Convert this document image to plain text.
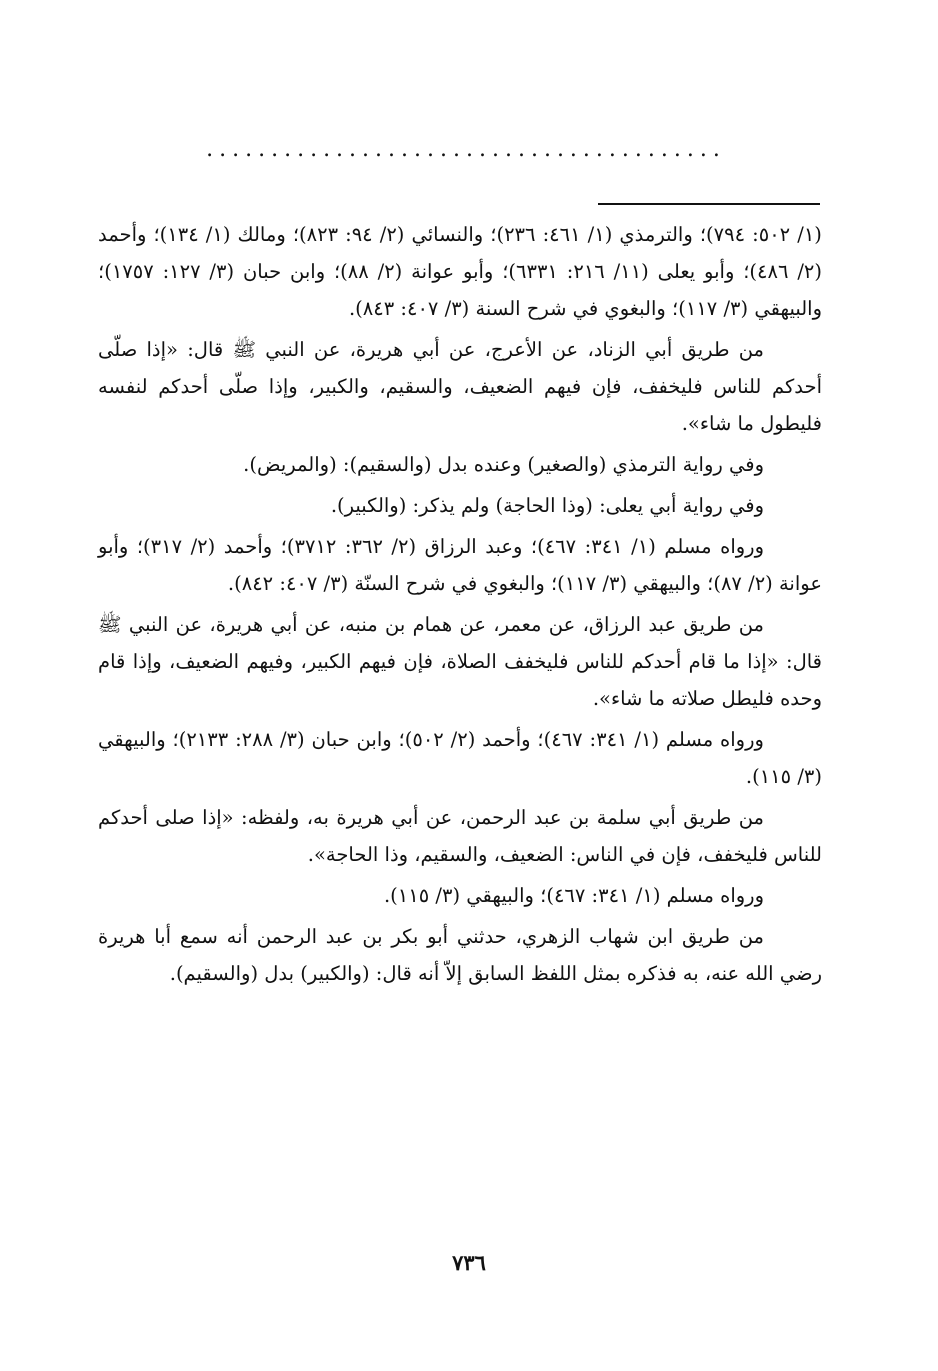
........................................

(١/ ٥٠٢: ٧٩٤)؛ والترمذي (١/ ٤٦١: ٢٣٦)؛ والنسائي (٢/ ٩٤: ٨٢٣)؛ ومالك (١/ ١٣٤)؛ وأحمد (٢/ ٤٨٦)؛ وأبو يعلى (١١/ ٢١٦: ٦٣٣١)؛ وأبو عوانة (٢/ ٨٨)؛ وابن حبان (٣/ ١٢٧: ١٧٥٧)؛ والبيهقي (٣/ ١١٧)؛ والبغوي في شرح السنة (٣/ ٤٠٧: ٨٤٣).

من طريق أبي الزناد، عن الأعرج، عن أبي هريرة، عن النبي ﷺ قال: «إذا صلّى أحدكم للناس فليخفف، فإن فيهم الضعيف، والسقيم، والكبير، وإذا صلّى أحدكم لنفسه فليطول ما شاء».

وفي رواية الترمذي (والصغير) وعنده بدل (والسقيم): (والمريض).

وفي رواية أبي يعلى: (وذا الحاجة) ولم يذكر: (والكبير).

ورواه مسلم (١/ ٣٤١: ٤٦٧)؛ وعبد الرزاق (٢/ ٣٦٢: ٣٧١٢)؛ وأحمد (٢/ ٣١٧)؛ وأبو عوانة (٢/ ٨٧)؛ والبيهقي (٣/ ١١٧)؛ والبغوي في شرح السنّة (٣/ ٤٠٧: ٨٤٢).

من طريق عبد الرزاق، عن معمر، عن همام بن منبه، عن أبي هريرة، عن النبي ﷺ قال: «إذا ما قام أحدكم للناس فليخفف الصلاة، فإن فيهم الكبير، وفيهم الضعيف، وإذا قام وحده فليطل صلاته ما شاء».

ورواه مسلم (١/ ٣٤١: ٤٦٧)؛ وأحمد (٢/ ٥٠٢)؛ وابن حبان (٣/ ٢٨٨: ٢١٣٣)؛ والبيهقي (٣/ ١١٥).

من طريق أبي سلمة بن عبد الرحمن، عن أبي هريرة به، ولفظه: «إذا صلى أحدكم للناس فليخفف، فإن في الناس: الضعيف، والسقيم، وذا الحاجة».

ورواه مسلم (١/ ٣٤١: ٤٦٧)؛ والبيهقي (٣/ ١١٥).

من طريق ابن شهاب الزهري، حدثني أبو بكر بن عبد الرحمن أنه سمع أبا هريرة رضي الله عنه، به فذكره بمثل اللفظ السابق إلاّ أنه قال: (والكبير) بدل (والسقيم).

٧٣٦
